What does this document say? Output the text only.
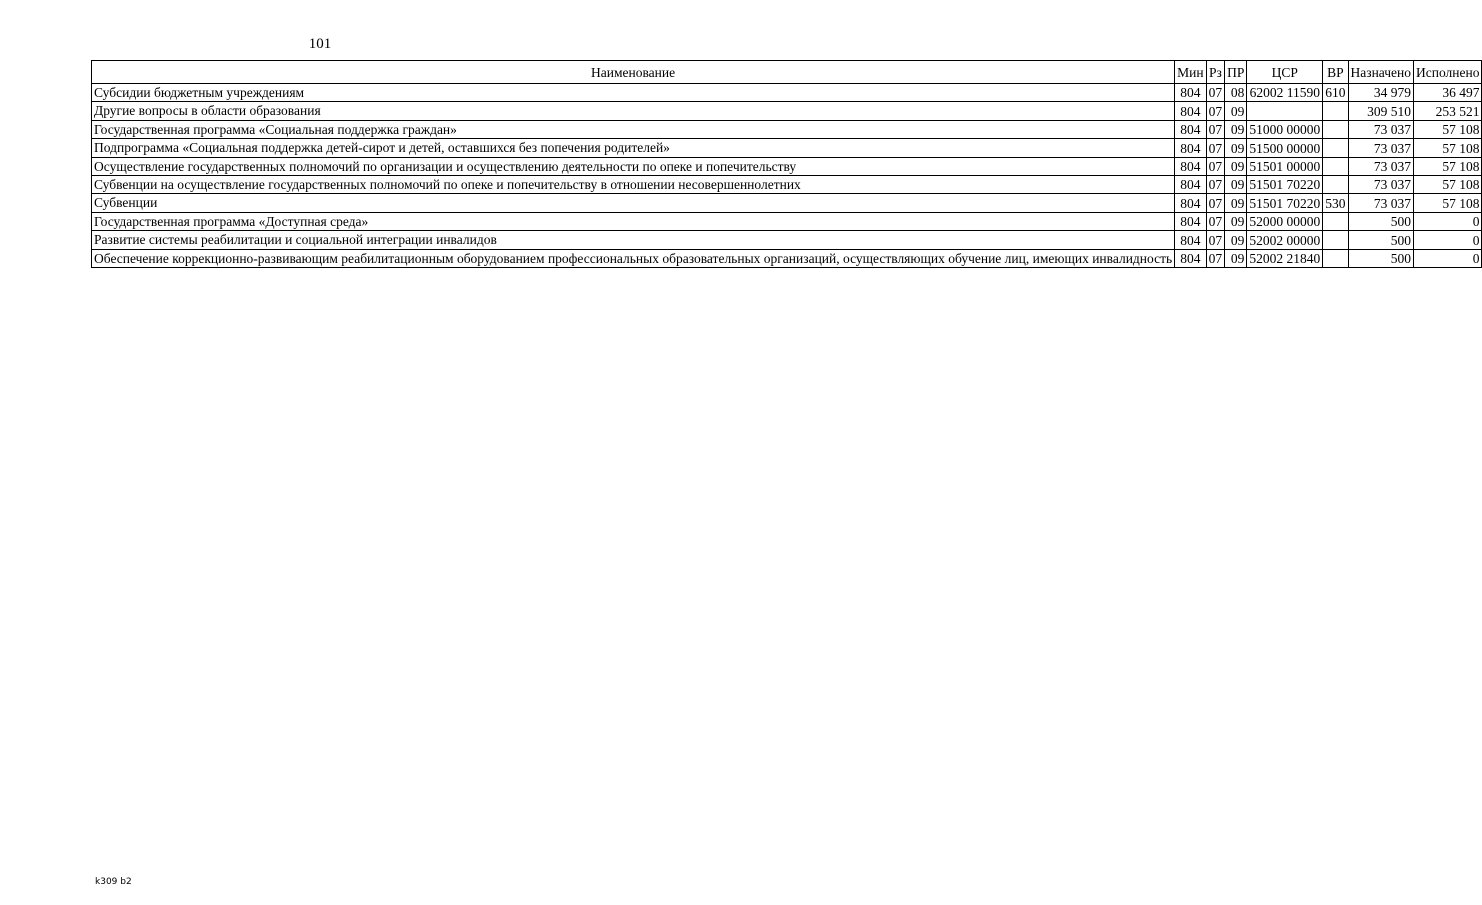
101
Наименование	Мин	Рз	ПР	ЦСР	ВР	Назначено	Исполнено
Субсидии бюджетным учреждениям	804	07	08	62002 11590	610	34 979	36 497
Другие вопросы в области образования	804	07	09			309 510	253 521
Государственная программа «Социальная поддержка граждан»	804	07	09	51000 00000		73 037	57 108
Подпрограмма «Социальная поддержка детей-сирот и детей, оставшихся без попечения родителей»	804	07	09	51500 00000		73 037	57 108
Осуществление государственных полномочий по организации и осуществлению деятельности по опеке и попечительству	804	07	09	51501 00000		73 037	57 108
Субвенции на осуществление государственных полномочий по опеке и попечительству в отношении несовершеннолетних	804	07	09	51501 70220		73 037	57 108
Субвенции	804	07	09	51501 70220	530	73 037	57 108
Государственная программа «Доступная среда»	804	07	09	52000 00000		500	0
Развитие системы реабилитации и социальной интеграции инвалидов	804	07	09	52002 00000		500	0
Обеспечение коррекционно-развивающим реабилитационным оборудованием профессиональных образовательных организаций, осуществляющих обучение лиц, имеющих инвалидность	804	07	09	52002 21840		500	0
k309 b2
